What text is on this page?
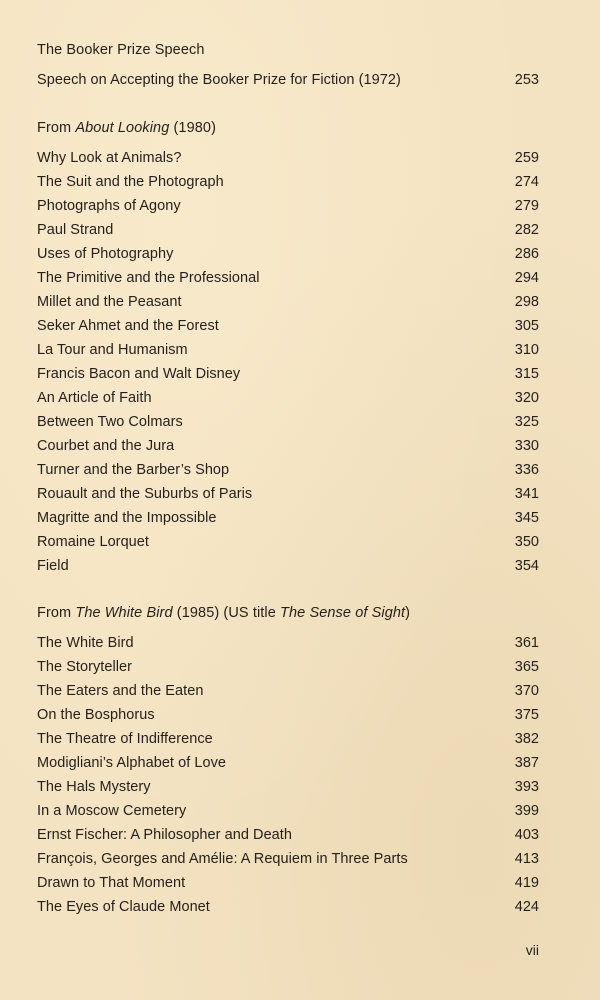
The Booker Prize Speech
Speech on Accepting the Booker Prize for Fiction (1972)	253
From About Looking (1980)
Why Look at Animals?	259
The Suit and the Photograph	274
Photographs of Agony	279
Paul Strand	282
Uses of Photography	286
The Primitive and the Professional	294
Millet and the Peasant	298
Seker Ahmet and the Forest	305
La Tour and Humanism	310
Francis Bacon and Walt Disney	315
An Article of Faith	320
Between Two Colmars	325
Courbet and the Jura	330
Turner and the Barber’s Shop	336
Rouault and the Suburbs of Paris	341
Magritte and the Impossible	345
Romaine Lorquet	350
Field	354
From The White Bird (1985) (US title The Sense of Sight)
The White Bird	361
The Storyteller	365
The Eaters and the Eaten	370
On the Bosphorus	375
The Theatre of Indifference	382
Modigliani’s Alphabet of Love	387
The Hals Mystery	393
In a Moscow Cemetery	399
Ernst Fischer: A Philosopher and Death	403
François, Georges and Amélie: A Requiem in Three Parts	413
Drawn to That Moment	419
The Eyes of Claude Monet	424
vii
